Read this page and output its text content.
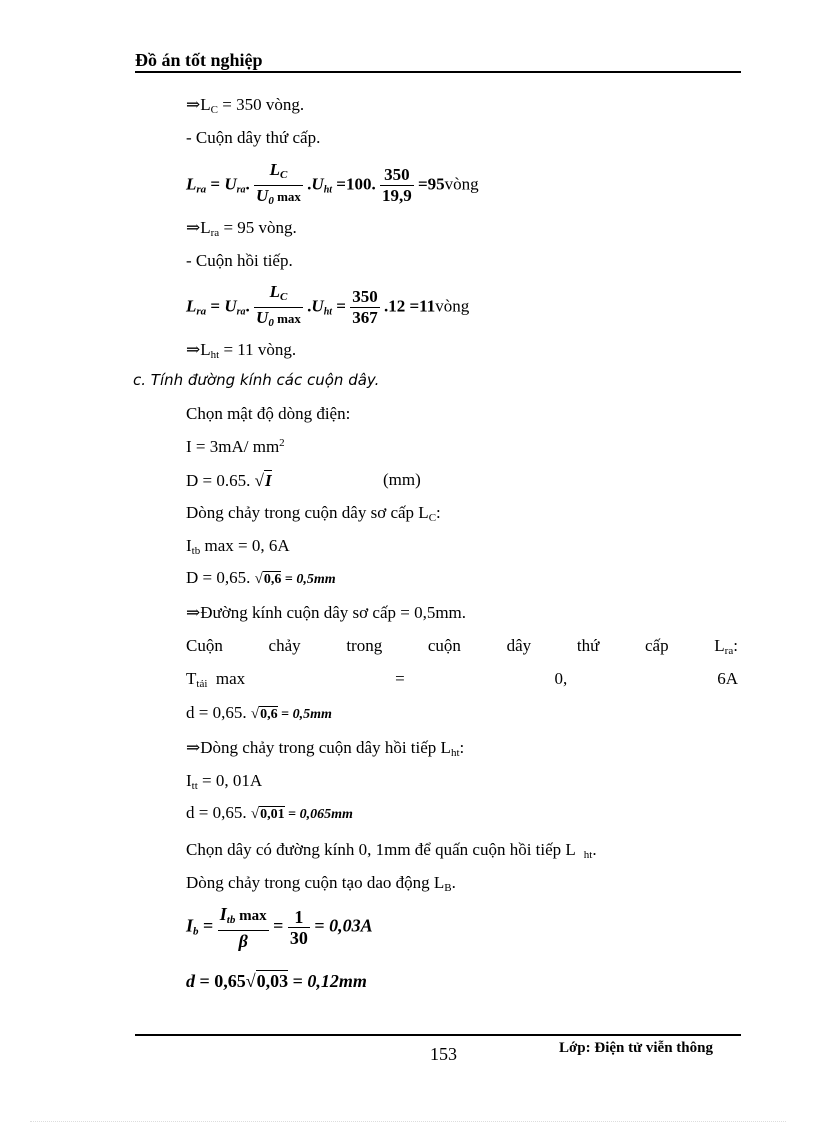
Đồ án tốt nghiệp
$\Rightarrow L_C = 350$ vòng.
- Cuộn dây thứ cấp.
$L_{ra} = U_{ra}$. $\frac{L_C}{U_0 \max} .U_{ht} =100$. $\frac{350}{19,9}$ =95vòng
$\Rightarrow L_{ra} = 95$ vòng.
- Cuộn hồi tiếp.
$L_{ra} = U_{ra}$. $\frac{L_C}{U_0 \max} .U_{ht} = \frac{350}{367} .12$ =11vòng
$\Rightarrow L_{ht} = 11$ vòng.
c. Tính đường kính các cuộn dây.
Chọn mật độ dòng điện:
I = 3mA/ $mm^2$
D = 0.65. √I	(mm)
Dòng chảy trong cuộn dây sơ cấp $L_C$:
$I_{tb}$ max = 0, 6A
D = 0,65. √0,6 = 0,5mm
⇒Đường kính cuộn dây sơ cấp = 0,5mm.
Cuộn	chảy	trong	cuộn	dây	thứ	cấp	$L_{ra}$:
$T_{tải}$ max	=	0,	6A
d = 0,65. √0,6 = 0,5mm
⇒Dòng chảy trong cuộn dây hồi tiếp $L_{ht}$:
$I_{tt} = 0$, 01A
d = 0,65. √0,01 = 0,065mm
Chọn dây có đường kính 0, 1mm để quấn cuộn hồi tiếp L $_{ht}$.
Dòng chảy trong cuộn tạo dao động $L_B$.
$I_b = \frac{I_{tb} \max}{\beta} = \frac{1}{30} = 0,03A$
d = 0,65√0,03 = 0,12mm
153	Lớp: Điện tử viễn thông
